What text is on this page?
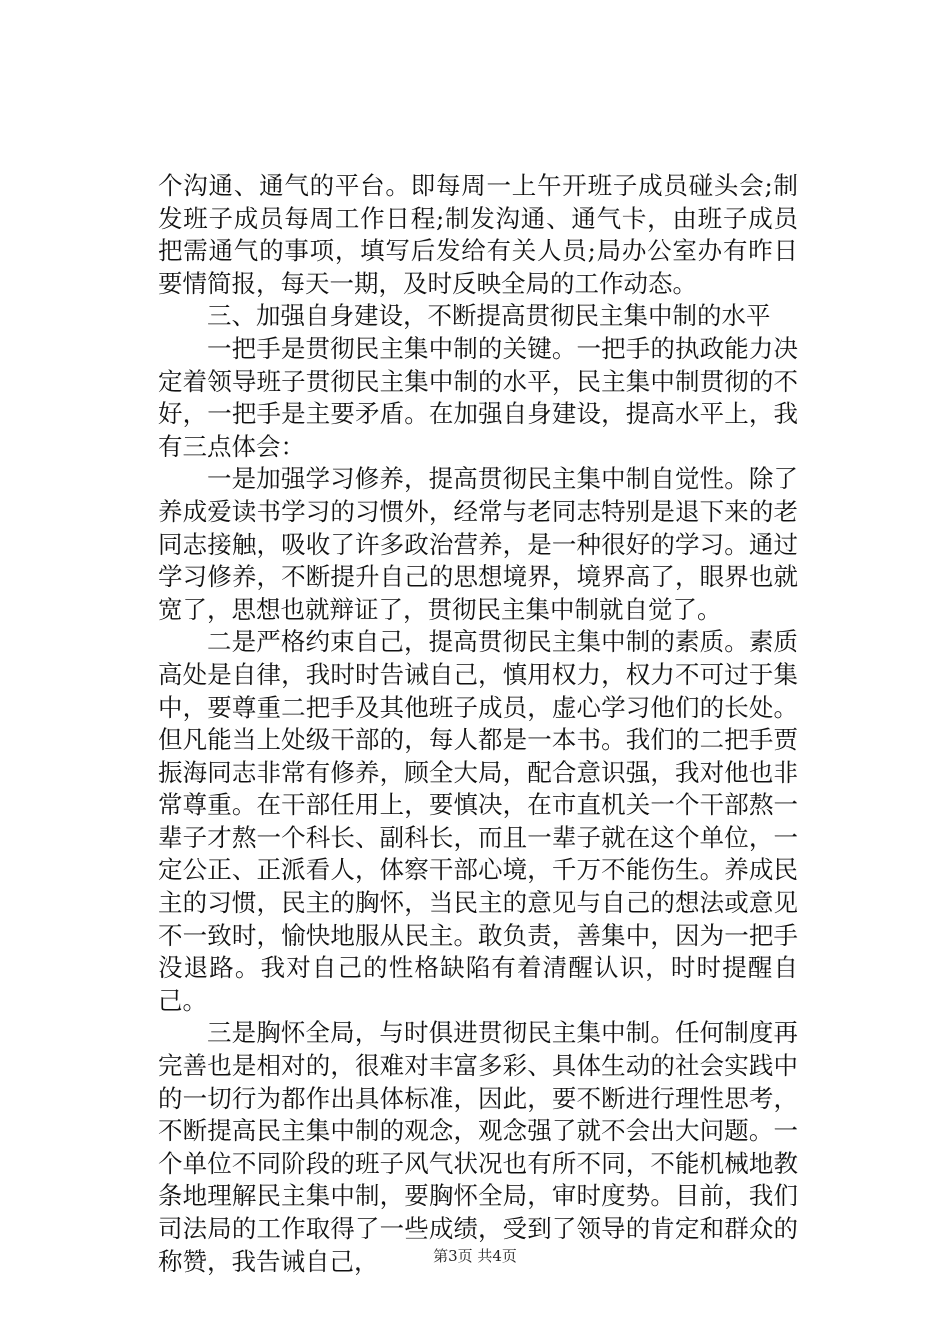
个沟通、通气的平台。即每周一上午开班子成员碰头会;制发班子成员每周工作日程;制发沟通、通气卡，由班子成员把需通气的事项，填写后发给有关人员;局办公室办有昨日要情简报，每天一期，及时反映全局的工作动态。

三、加强自身建设，不断提高贯彻民主集中制的水平

一把手是贯彻民主集中制的关键。一把手的执政能力决定着领导班子贯彻民主集中制的水平，民主集中制贯彻的不好，一把手是主要矛盾。在加强自身建设，提高水平上，我有三点体会：

一是加强学习修养，提高贯彻民主集中制自觉性。除了养成爱读书学习的习惯外，经常与老同志特别是退下来的老同志接触，吸收了许多政治营养，是一种很好的学习。通过学习修养，不断提升自己的思想境界，境界高了，眼界也就宽了，思想也就辩证了，贯彻民主集中制就自觉了。

二是严格约束自己，提高贯彻民主集中制的素质。素质高处是自律，我时时告诫自己，慎用权力，权力不可过于集中，要尊重二把手及其他班子成员，虚心学习他们的长处。但凡能当上处级干部的，每人都是一本书。我们的二把手贾振海同志非常有修养，顾全大局，配合意识强，我对他也非常尊重。在干部任用上，要慎决，在市直机关一个干部熬一辈子才熬一个科长、副科长，而且一辈子就在这个单位，一定公正、正派看人，体察干部心境，千万不能伤生。养成民主的习惯，民主的胸怀，当民主的意见与自己的想法或意见不一致时，愉快地服从民主。敢负责，善集中，因为一把手没退路。我对自己的性格缺陷有着清醒认识，时时提醒自己。

三是胸怀全局，与时俱进贯彻民主集中制。任何制度再完善也是相对的，很难对丰富多彩、具体生动的社会实践中的一切行为都作出具体标准，因此，要不断进行理性思考，不断提高民主集中制的观念，观念强了就不会出大问题。一个单位不同阶段的班子风气状况也有所不同，不能机械地教条地理解民主集中制，要胸怀全局，审时度势。目前，我们司法局的工作取得了一些成绩，受到了领导的肯定和群众的称赞，我告诫自己，	第3页 共4页
